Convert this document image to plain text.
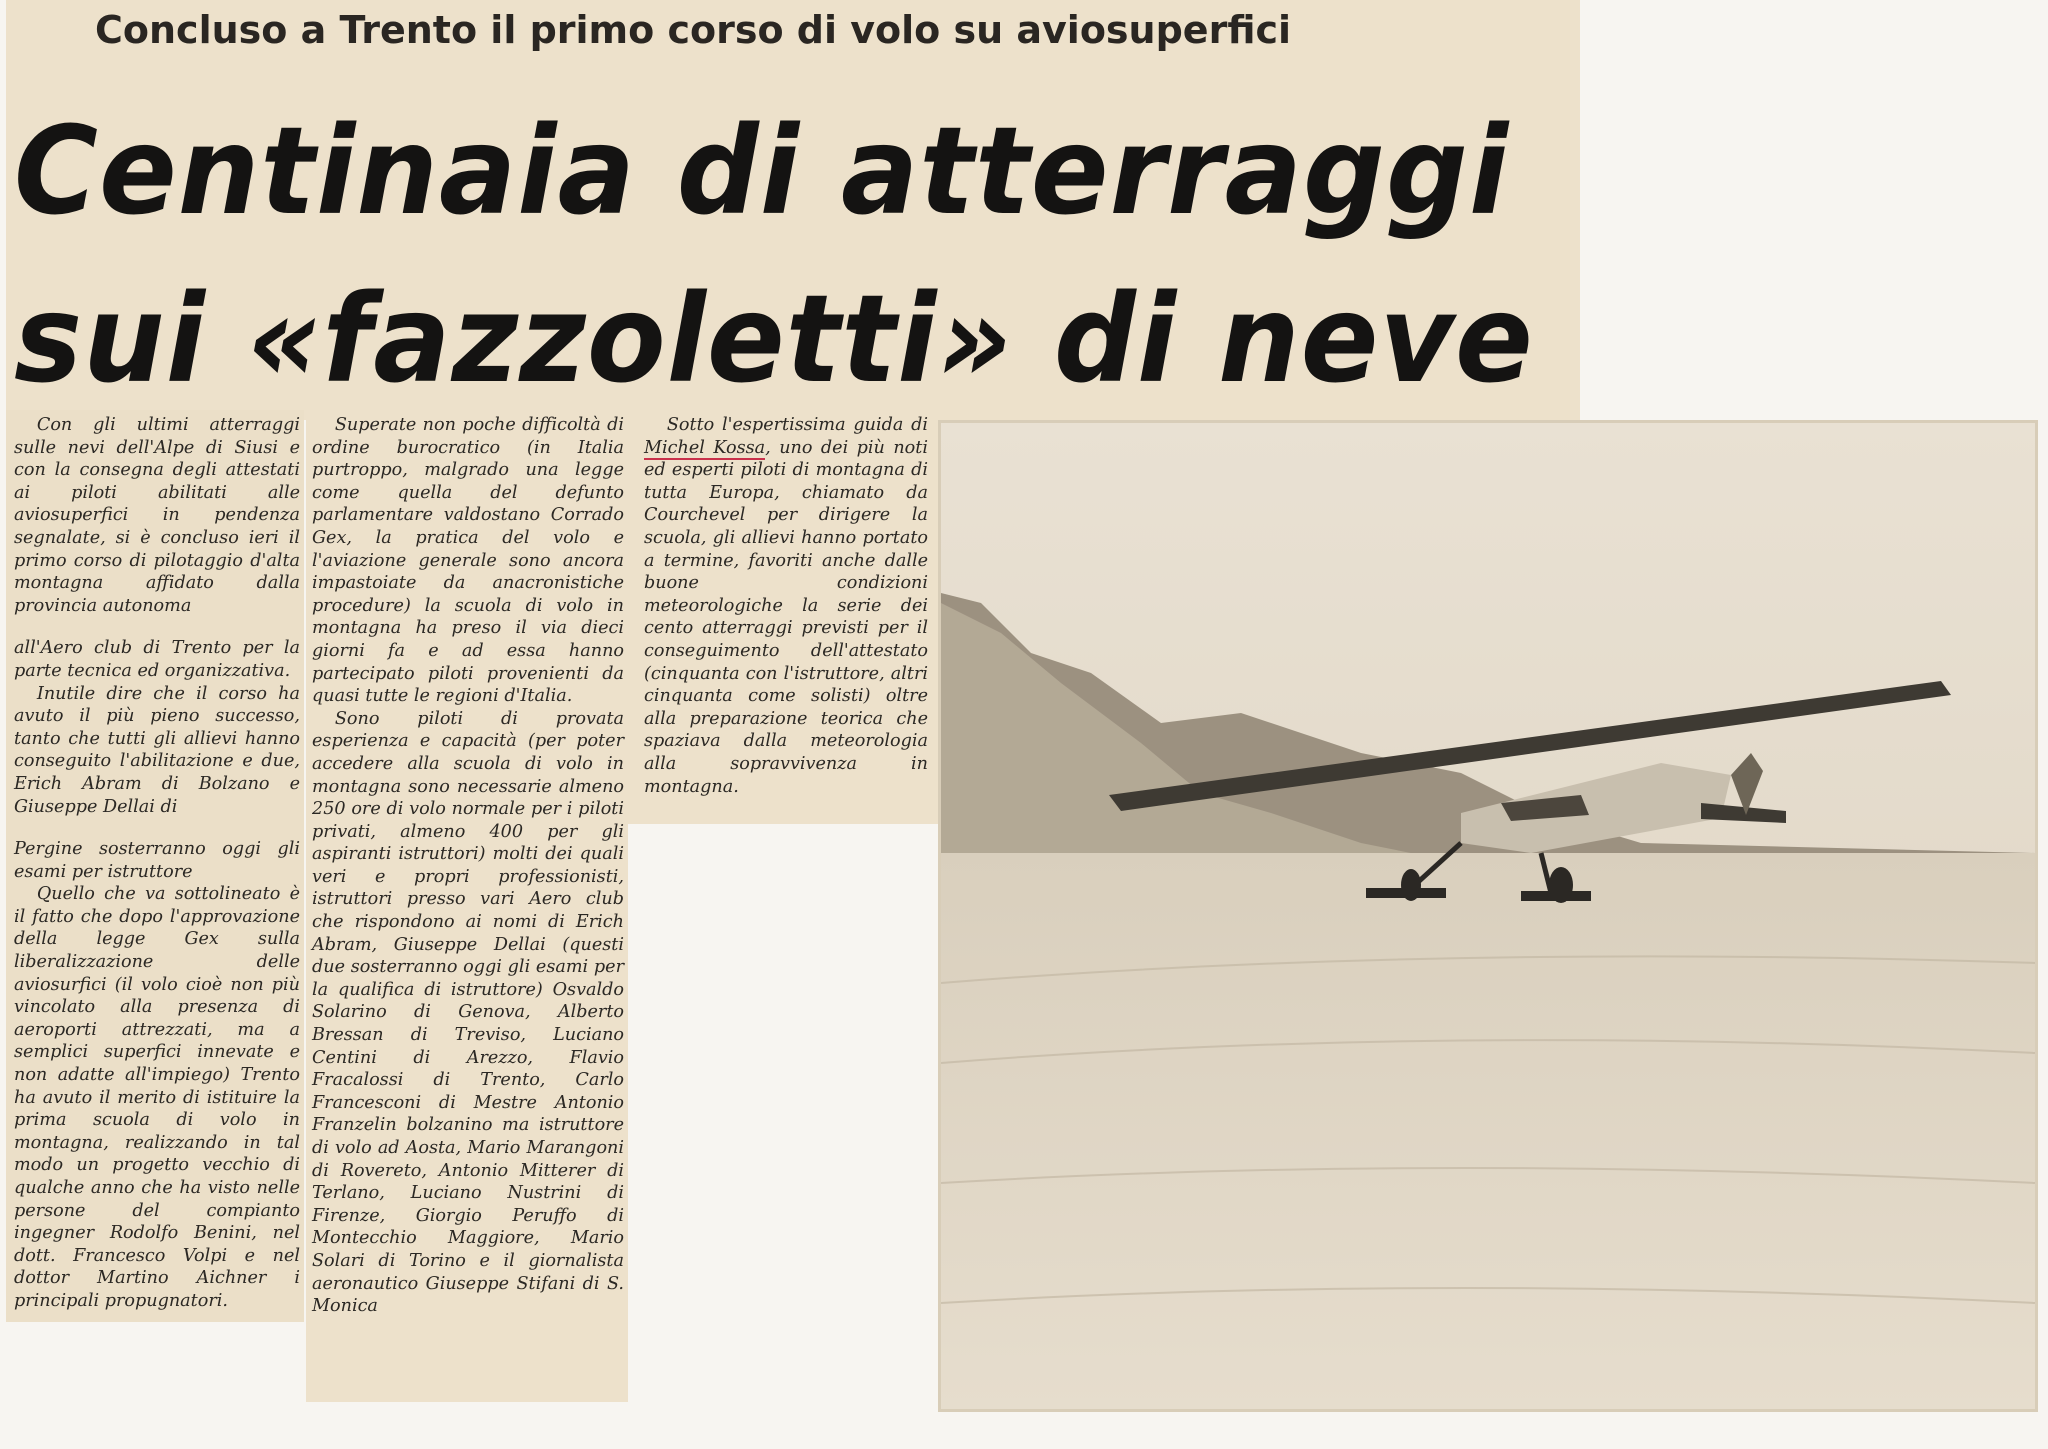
Concluso a Trento il primo corso di volo su aviosuperfici
Centinaia di atterraggi
sui «fazzoletti» di neve

Con gli ultimi atterraggi sulle nevi dell'Alpe di Siusi e con la consegna degli attestati ai piloti abilitati alle aviosuperfici in pendenza segnalate, si è concluso ieri il primo corso di pilotaggio d'alta montagna affidato dalla provincia autonoma

all'Aero club di Trento per la parte tecnica ed organizzativa.

Inutile dire che il corso ha avuto il più pieno successo, tanto che tutti gli allievi hanno conseguito l'abilitazione e due, Erich Abram di Bolzano e Giuseppe Dellai di

Pergine sosterranno oggi gli esami per istruttore

Quello che va sottolineato è il fatto che dopo l'approvazione della legge Gex sulla liberalizzazione delle aviosurfici (il volo cioè non più vincolato alla presenza di aeroporti attrezzati, ma a semplici superfici innevate e non adatte all'impiego) Trento ha avuto il merito di istituire la prima scuola di volo in montagna, realizzando in tal modo un progetto vecchio di qualche anno che ha visto nelle persone del compianto ingegner Rodolfo Benini, nel dott. Francesco Volpi e nel dottor Martino Aichner i principali propugnatori.

Superate non poche difficoltà di ordine burocratico (in Italia purtroppo, malgrado una legge come quella del defunto parlamentare valdostano Corrado Gex, la pratica del volo e l'aviazione generale sono ancora impastoiate da anacronistiche procedure) la scuola di volo in montagna ha preso il via dieci giorni fa e ad essa hanno partecipato piloti provenienti da quasi tutte le regioni d'Italia.

Sono piloti di provata esperienza e capacità (per poter accedere alla scuola di volo in montagna sono necessarie almeno 250 ore di volo normale per i piloti privati, almeno 400 per gli aspiranti istruttori) molti dei quali veri e propri professionisti, istruttori presso vari Aero club che rispondono ai nomi di Erich Abram, Giuseppe Dellai (questi due sosterranno oggi gli esami per la qualifica di istruttore) Osvaldo Solarino di Genova, Alberto Bressan di Treviso, Luciano Centini di Arezzo, Flavio Fracalossi di Trento, Carlo Francesconi di Mestre Antonio Franzelin bolzanino ma istruttore di volo ad Aosta, Mario Marangoni di Rovereto, Antonio Mitterer di Terlano, Luciano Nustrini di Firenze, Giorgio Peruffo di Montecchio Maggiore, Mario Solari di Torino e il giornalista aeronautico Giuseppe Stifani di S. Monica

Sotto l'espertissima guida di Michel Kossa, uno dei più noti ed esperti piloti di montagna di tutta Europa, chiamato da Courchevel per dirigere la scuola, gli allievi hanno portato a termine, favoriti anche dalle buone condizioni meteorologiche la serie dei cento atterraggi previsti per il conseguimento dell'attestato (cinquanta con l'istruttore, altri cinquanta come solisti) oltre alla preparazione teorica che spaziava dalla meteorologia alla sopravvivenza in montagna.
